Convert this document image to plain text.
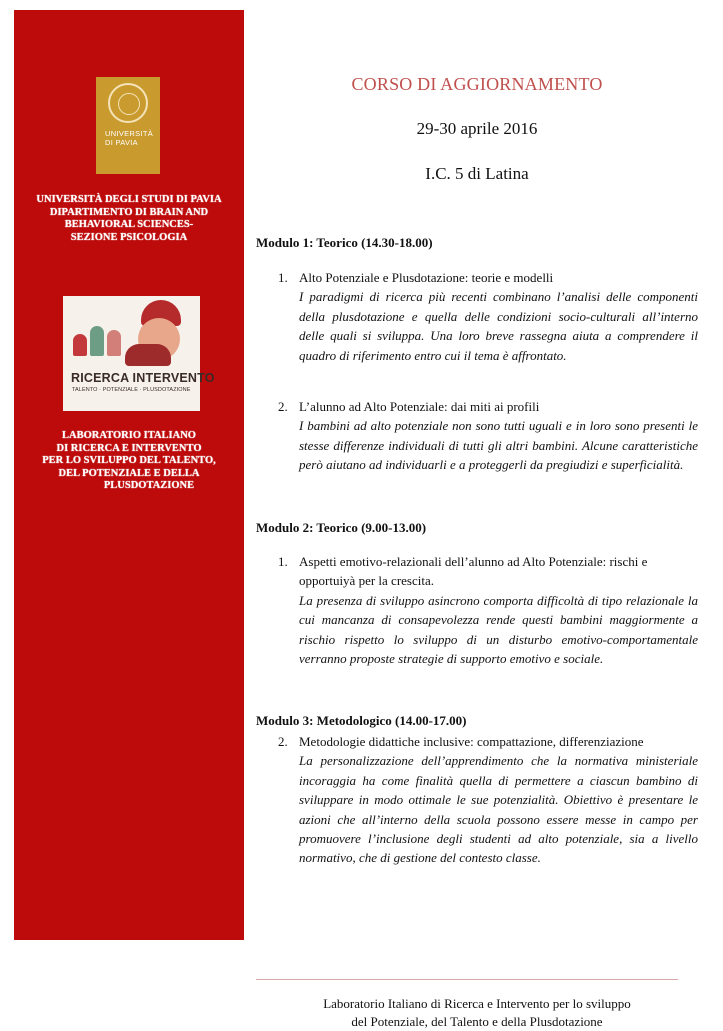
UNIVERSITÀ
DI PAVIA
UNIVERSITÀ DEGLI STUDI DI PAVIA
DIPARTIMENTO DI BRAIN AND
BEHAVIORAL SCIENCES-
SEZIONE PSICOLOGIA
RICERCA INTERVENTO
TALENTO · POTENZIALE · PLUSDOTAZIONE
LABORATORIO ITALIANO
DI RICERCA E INTERVENTO
PER LO SVILUPPO DEL TALENTO,
DEL POTENZIALE E DELLA
PLUSDOTAZIONE
CORSO DI AGGIORNAMENTO
29-30 aprile 2016
I.C. 5 di Latina
Modulo 1: Teorico (14.30-18.00)
1. Alto Potenziale e Plusdotazione: teorie e modelli
I paradigmi di ricerca più recenti combinano l’analisi delle componenti della plusdotazione e quella delle condizioni socio-culturali all’interno delle quali si sviluppa. Una loro breve rassegna aiuta a comprendere il quadro di riferimento entro cui il tema è affrontato.
2. L’alunno ad Alto Potenziale: dai miti ai profili
I bambini ad alto potenziale non sono tutti uguali e in loro sono presenti le stesse differenze individuali di tutti gli altri bambini. Alcune caratteristiche però aiutano ad individuarli e a proteggerli da pregiudizi e superficialità.
Modulo 2: Teorico (9.00-13.00)
1. Aspetti emotivo-relazionali dell’alunno ad Alto Potenziale: rischi e opportuiyà per la crescita.
La presenza di sviluppo asincrono comporta difficoltà di tipo relazionale la cui mancanza di consapevolezza rende questi bambini maggiormente a rischio rispetto lo sviluppo di un disturbo emotivo-comportamentale verranno proposte strategie di supporto emotivo e sociale.
Modulo 3: Metodologico (14.00-17.00)
2. Metodologie didattiche inclusive: compattazione, differenziazione
La personalizzazione dell’apprendimento che la normativa ministeriale incoraggia ha come finalità quella di permettere a ciascun bambino di sviluppare in modo ottimale le sue potenzialità. Obiettivo è presentare le azioni che all’interno della scuola possono essere messe in campo per promuovere l’inclusione degli studenti ad alto potenziale, sia a livello normativo, che di gestione del contesto classe.
Laboratorio Italiano di Ricerca e Intervento per lo sviluppo
del Potenziale, del Talento e della Plusdotazione
